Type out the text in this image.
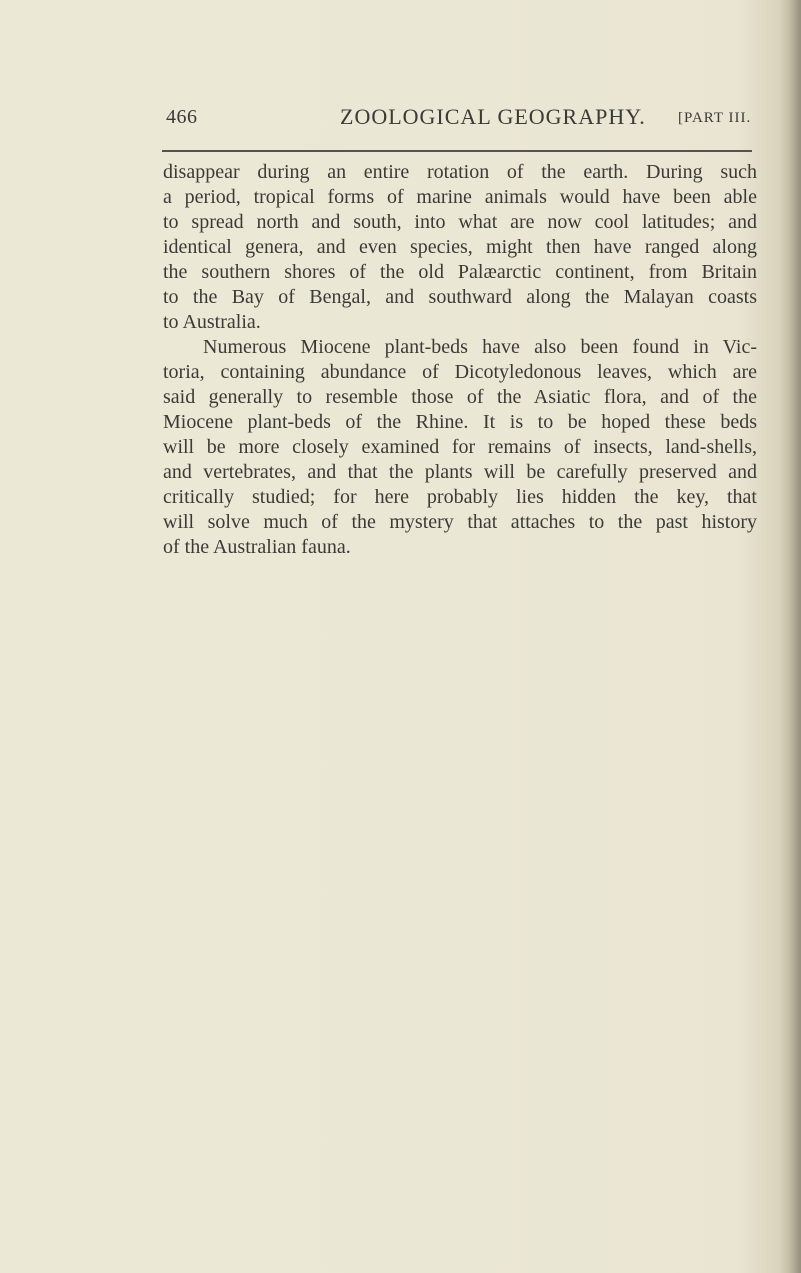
466	ZOOLOGICAL GEOGRAPHY. [PART III.
disappear during an entire rotation of the earth. During such
a period, tropical forms of marine animals would have been able
to spread north and south, into what are now cool latitudes; and
identical genera, and even species, might then have ranged along
the southern shores of the old Palæarctic continent, from Britain
to the Bay of Bengal, and southward along the Malayan coasts
to Australia.
Numerous Miocene plant-beds have also been found in Vic-
toria, containing abundance of Dicotyledonous leaves, which are
said generally to resemble those of the Asiatic flora, and of the
Miocene plant-beds of the Rhine. It is to be hoped these beds
will be more closely examined for remains of insects, land-shells,
and vertebrates, and that the plants will be carefully preserved and
critically studied; for here probably lies hidden the key, that
will solve much of the mystery that attaches to the past history
of the Australian fauna.
